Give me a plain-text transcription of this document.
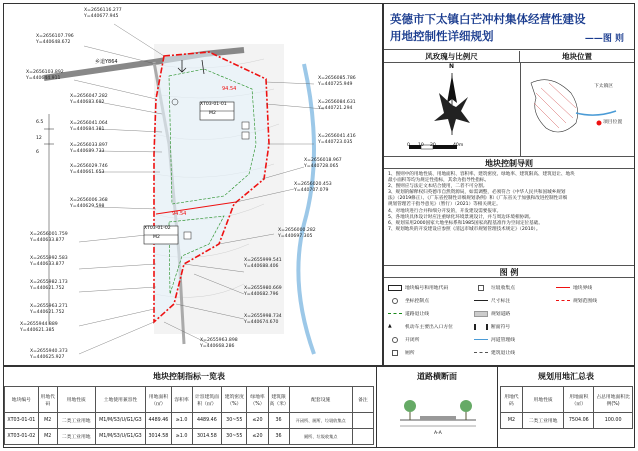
乡道Y864
94.54
94.54
XT03-01-01
M2
XT03-01-02
M2
6.5
12
6
X=2656116.277
Y=440677.945
X=2656107.796
Y=440648.672
X=2656103.892
Y=440644.911	X=2656085.786
Y=440725.949
X=2656084.631
Y=440721.294
X=2656047.282
Y=440683.692
X=2656041.064
Y=440684.381
X=2656041.416
Y=440723.035
X=2656033.897
Y=440689.733
X=2656029.746
Y=440661.653
X=2656018.967
Y=440728.065
X=2656020.453
Y=440707.079
X=2656006.368
Y=440629.598
X=2656001.759
Y=440633.877
X=2656000.282
Y=440697.305
X=2655992.583
Y=440633.877
X=2655982.173
Y=440621.752
X=2655963.271
Y=440621.752
X=2655999.541
Y=440688.406
X=2655980.669
Y=440682.796
X=2655998.734
Y=440674.670
X=2655944.889
Y=440621.385
X=2655963.898
Y=440668.286
X=2655940.373
Y=440625.927
英德市下太镇白芒冲村集体经营性建设
用地控制性详细规划	——图 则
风玫瑰与比例尺	地块位置
N
0 10 20	40m
下太镇区
项目位置
地块控制导则

1、图则中的用地性质、用地面积、容积率、建筑密度、绿地率、建筑限高、建筑退让、地块

最小面积等均为规定性指标，其余为指导性指标。

2、图则应与法定文本结合使用，二者不可分割。

3、规划的解释权归英德市自然资源局，如需调整，必须符合《中华人民共和国城乡规划

法》（2019修正）、《广东省控制性详细规划条例》和《广东省关于加强和改进控制性详细

规划管理若干指导意见》（暂行）（2021）等相关规定。

4、对地块进行合并和细分开发的，开发建设需要报审。

5、各地块具体设计时应注重绿化环境景观设计，并与周边环境相协调。

6、规划采用2000国家大地坐标系和1985国家高程基准作为空间定位基础。

7、规划地块的开发建设应参照《清远市城市规划管理技术规定》（2010）。

图 例
地块编号和用地代码
坐标控制点
道路退让线
▲	机动车主要出入口方位
开闭所
厕所
垃圾收集点
尺寸标注
规划道路
断面符号
河道管理线
建筑退让线
地块界线
规划范围线
地块控制指标一览表
地块编号	用地代码	用地性质	土地使用兼容性	用地面积（㎡）	容积率	计容建筑面积（㎡）	建筑密度（%）	绿地率（%）	建筑限高（米）	配套设施	备注
XT03-01-01	M2	二类工业用地	M1/M/S3/U/G1/G3	4489.46	≥1.0	4489.46	30~55	≤20	36	开闭所、厕所、垃圾收集点	
XT03-01-02	M2	二类工业用地	M1/M/S3/U/G1/G3	3014.58	≥1.0	3014.58	30~55	≤20	36	厕所、垃圾收集点	
道路横断面
A-A
规划用地汇总表
用地代码	用地性质	用地面积（㎡）	占总用地面积比例(%)
M2	二类工业用地	7504.06	100.00
